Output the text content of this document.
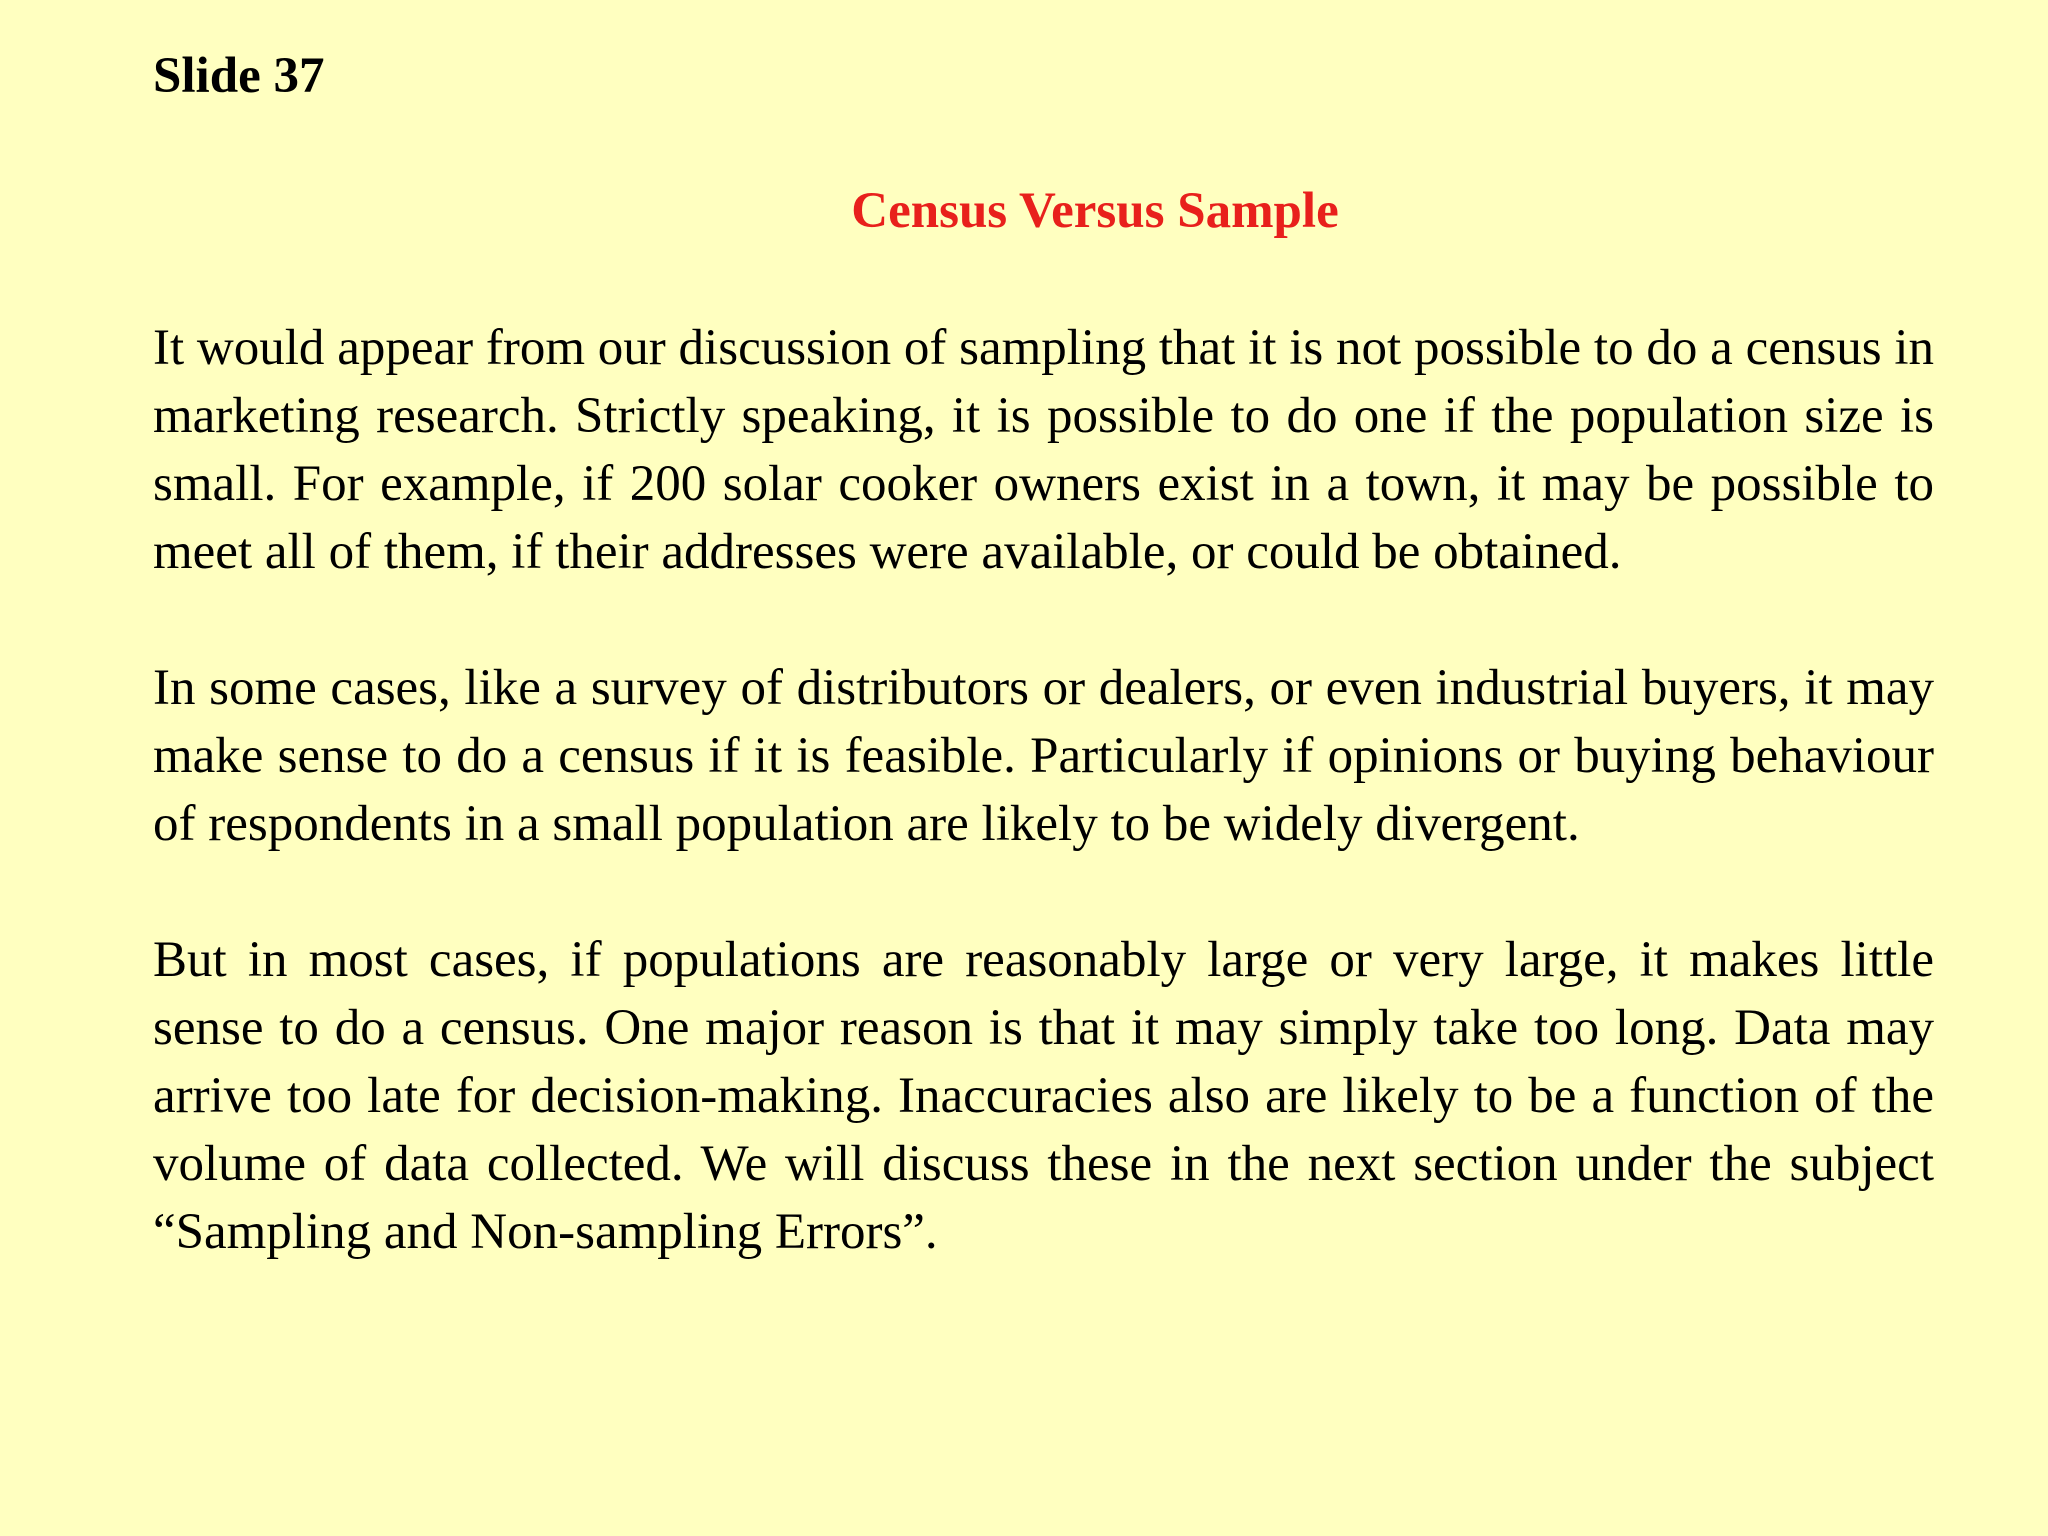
Slide 37
Census Versus Sample

It would appear from our discussion of sampling that it is not possible to do a census in marketing research. Strictly speaking, it is possible to do one if the population size is small. For example, if 200 solar cooker owners exist in a town, it may be possible to meet all of them, if their addresses were available, or could be obtained.

In some cases, like a survey of distributors or dealers, or even industrial buyers, it may make sense to do a census if it is feasible. Particularly if opinions or buying behaviour of respondents in a small population are likely to be widely divergent.

But in most cases, if populations are reasonably large or very large, it makes little sense to do a census. One major reason is that it may simply take too long. Data may arrive too late for decision-making. Inaccuracies also are likely to be a function of the volume of data collected. We will discuss these in the next section under the subject “Sampling and Non-sampling Errors”.
